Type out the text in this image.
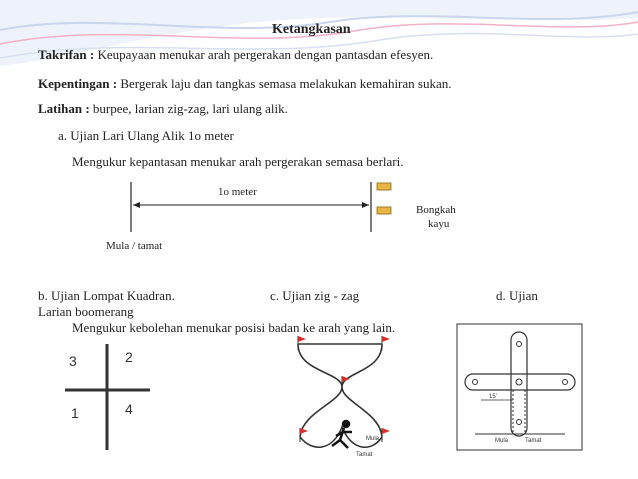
Ketangkasan
Takrifan : Keupayaan menukar arah pergerakan dengan pantasdan efesyen.
Kepentingan : Bergerak laju dan tangkas semasa melakukan kemahiran sukan.
Latihan : burpee, larian zig-zag, lari ulang alik.
a. Ujian Lari Ulang Alik 1o meter
Mengukur kepantasan menukar arah pergerakan semasa berlari.
1o meter
Bongkah
kayu
Mula / tamat
b. Ujian Lompat Kuadran.	c. Ujian zig - zag	d. Ujian
Larian boomerang
Mengukur kebolehan menukar posisi badan ke arah yang lain.
3	2
1	4
Mula
Tamat
15'
Mula	Tamat
